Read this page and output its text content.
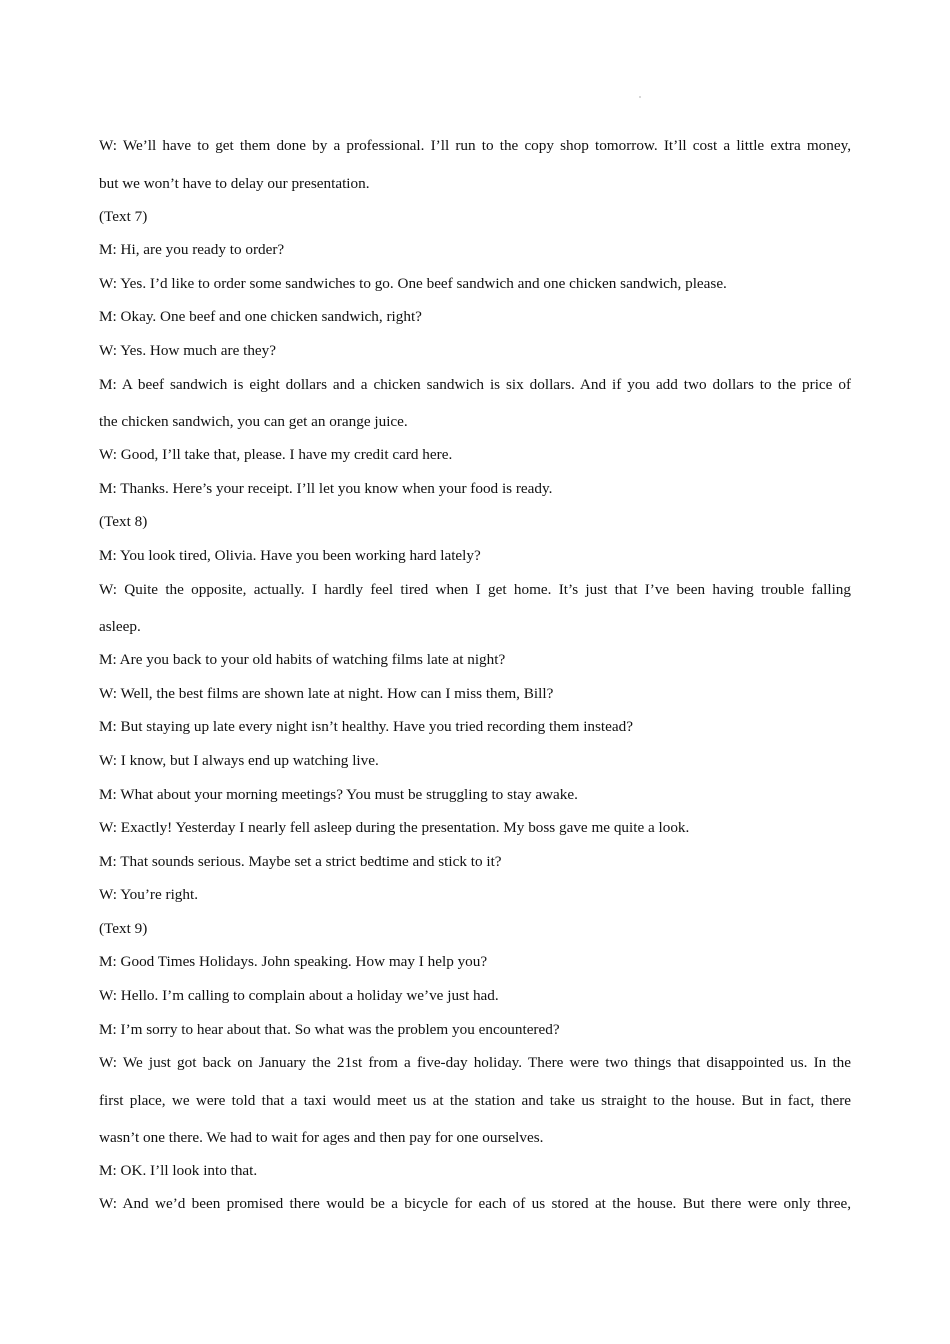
W: We’ll have to get them done by a professional. I’ll run to the copy shop tomorrow. It’ll cost a little extra money,

but we won’t have to delay our presentation.

(Text 7)

M: Hi, are you ready to order?

W: Yes. I’d like to order some sandwiches to go. One beef sandwich and one chicken sandwich, please.

M: Okay. One beef and one chicken sandwich, right?

W: Yes. How much are they?

M: A beef sandwich is eight dollars and a chicken sandwich is six dollars. And if you add two dollars to the price of

the chicken sandwich, you can get an orange juice.

W: Good, I’ll take that, please. I have my credit card here.

M: Thanks. Here’s your receipt. I’ll let you know when your food is ready.

(Text 8)

M: You look tired, Olivia. Have you been working hard lately?

W: Quite the opposite, actually. I hardly feel tired when I get home. It’s just that I’ve been having trouble falling

asleep.

M: Are you back to your old habits of watching films late at night?

W: Well, the best films are shown late at night. How can I miss them, Bill?

M: But staying up late every night isn’t healthy. Have you tried recording them instead?

W: I know, but I always end up watching live.

M: What about your morning meetings? You must be struggling to stay awake.

W: Exactly! Yesterday I nearly fell asleep during the presentation. My boss gave me quite a look.

M: That sounds serious. Maybe set a strict bedtime and stick to it?

W: You’re right.

(Text 9)

M: Good Times Holidays. John speaking. How may I help you?

W: Hello. I’m calling to complain about a holiday we’ve just had.

M: I’m sorry to hear about that. So what was the problem you encountered?

W: We just got back on January the 21st from a five-day holiday. There were two things that disappointed us. In the

first place, we were told that a taxi would meet us at the station and take us straight to the house. But in fact, there

wasn’t one there. We had to wait for ages and then pay for one ourselves.

M: OK. I’ll look into that.

W: And we’d been promised there would be a bicycle for each of us stored at the house. But there were only three,
